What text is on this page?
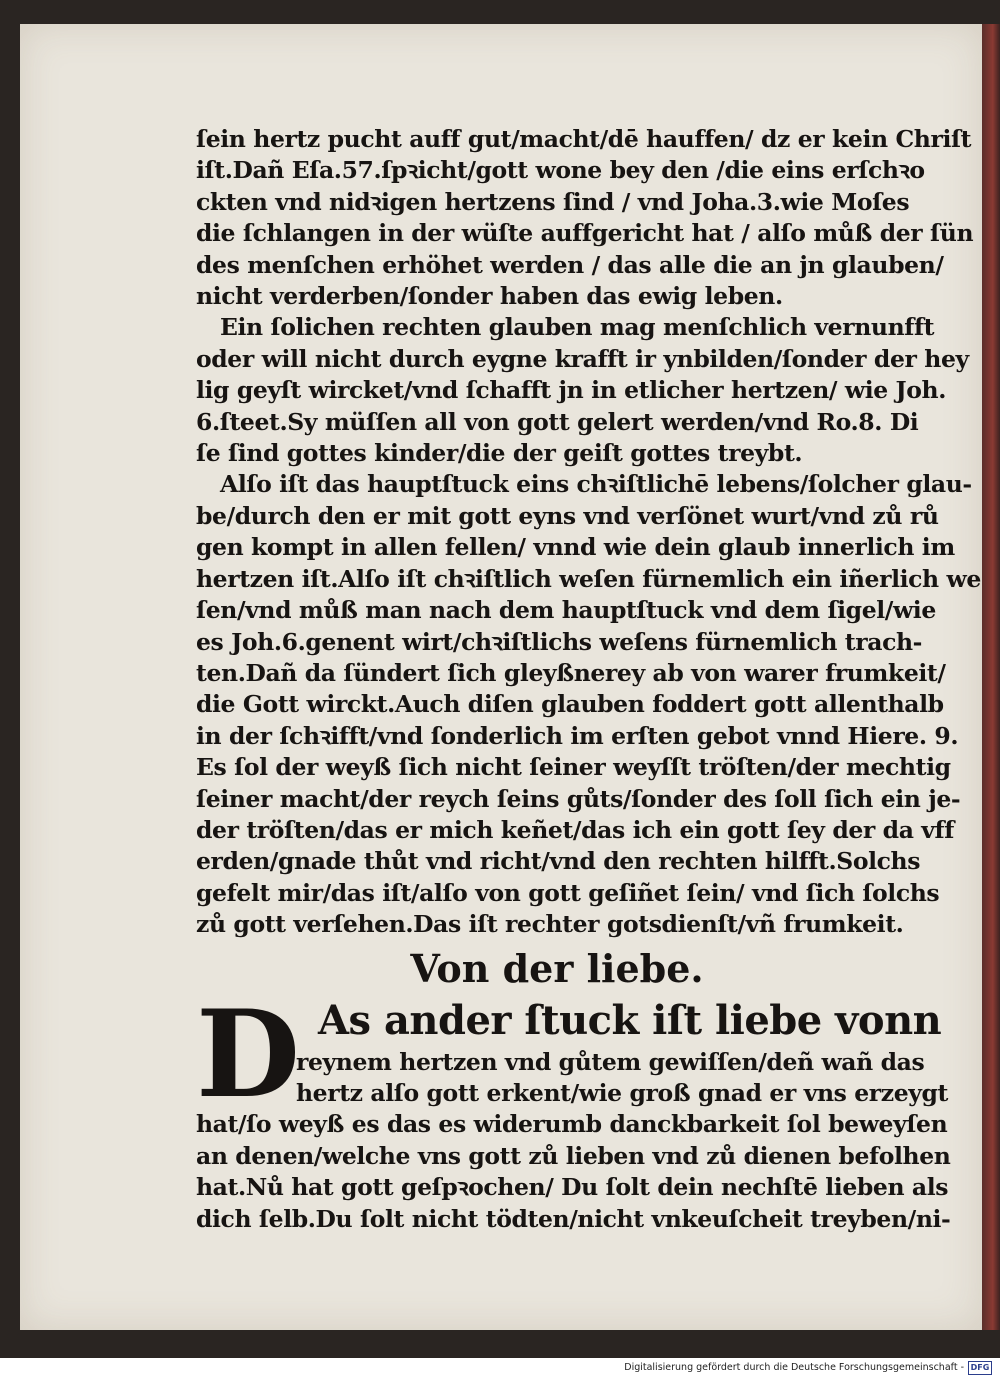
ſein hertz pucht auff gut/macht/dē hauffen/ dz er kein Chriſt
iſt.Dañ Eſa.57.ſpꝛicht/gott wone bey den /die eins erſchꝛo
ckten vnd nidꝛigen hertzens ſind / vnd Joha.3.wie Moſes
die ſchlangen in der wüſte auffgericht hat / alſo můß der ſün
des menſchen erhöhet werden / das alle die an jn glauben/
nicht verderben/ſonder haben das ewig leben.
Ein ſolichen rechten glauben mag menſchlich vernunfft
oder will nicht durch eygne krafft ir ynbilden/ſonder der hey
lig geyſt wircket/vnd ſchafft jn in etlicher hertzen/ wie Joh.
6.ſteet.Sy müſſen all von gott gelert werden/vnd Ro.8. Di
ſe ſind gottes kinder/die der geiſt gottes treybt.
Alſo iſt das hauptſtuck eins chꝛiſtlichē lebens/ſolcher glau-
be/durch den er mit gott eyns vnd verſönet wurt/vnd zů rů
gen kompt in allen fellen/ vnnd wie dein glaub innerlich im
hertzen iſt.Alſo iſt chꝛiſtlich weſen fürnemlich ein iñerlich we
ſen/vnd můß man nach dem hauptſtuck vnd dem ſigel/wie
es Joh.6.genent wirt/chꝛiſtlichs weſens fürnemlich trach-
ten.Dañ da ſündert ſich gleyßnerey ab von warer frumkeit/
die Gott wirckt.Auch diſen glauben foddert gott allenthalb
in der ſchꝛifft/vnd ſonderlich im erſten gebot vnnd Hiere. 9.
Es ſol der weyß ſich nicht ſeiner weyſſt tröſten/der mechtig
ſeiner macht/der reych ſeins gůts/ſonder des ſoll ſich ein je-
der tröſten/das er mich keñet/das ich ein gott ſey der da vff
erden/gnade thůt vnd richt/vnd den rechten hilfft.Solchs
gefelt mir/das iſt/alſo von gott geſiñet ſein/ vnd ſich ſolchs
zů gott verſehen.Das iſt rechter gotsdienſt/vñ frumkeit.
Von der liebe.
D As ander ſtuck iſt liebe vonn
reynem hertzen vnd gůtem gewiſſen/deñ wañ das
hertz alſo gott erkent/wie groß gnad er vns erzeygt
hat/ſo weyß es das es widerumb danckbarkeit ſol beweyſen
an denen/welche vns gott zů lieben vnd zů dienen befolhen
hat.Nů hat gott geſpꝛochen/ Du ſolt dein nechſtē lieben als
dich ſelb.Du ſolt nicht tödten/nicht vnkeuſcheit treyben/ni-
Digitalisierung gefördert durch die Deutsche Forschungsgemeinschaft - DFG
